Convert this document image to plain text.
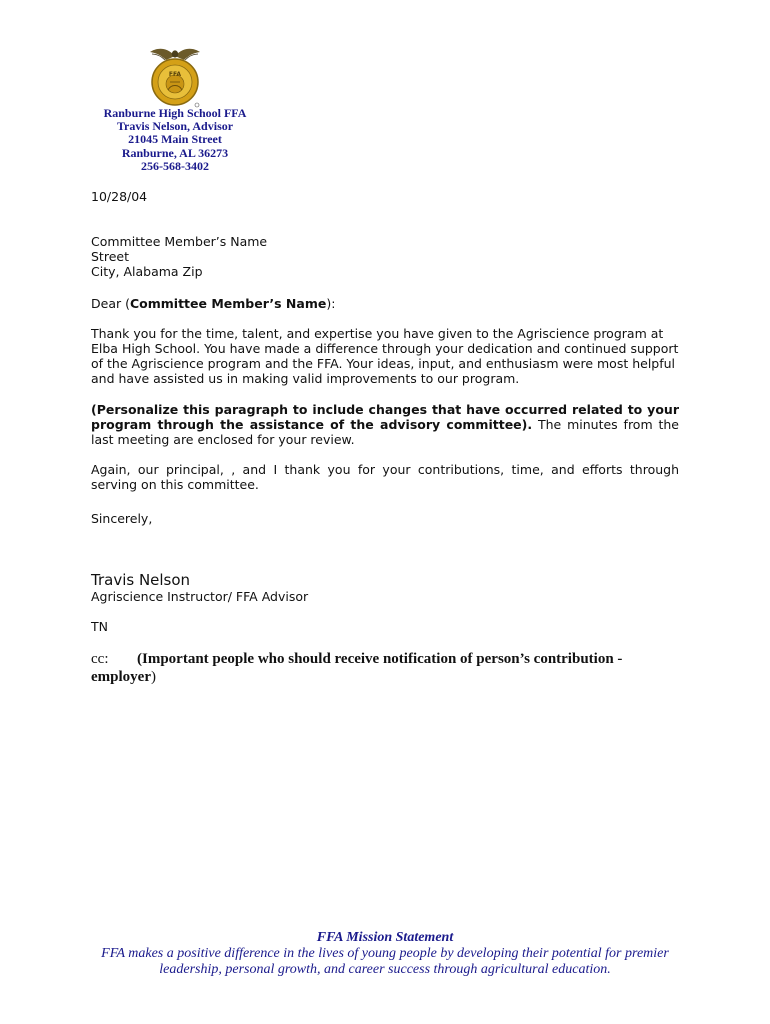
FFA
Ranburne High School FFA
Travis Nelson, Advisor
21045 Main Street
Ranburne, AL 36273
256-568-3402
10/28/04
Committee Member’s Name
Street
City, Alabama Zip
Dear (Committee Member’s Name):
Thank you for the time, talent, and expertise you have given to the Agriscience program at Elba High School. You have made a difference through your dedication and continued support of the Agriscience program and the FFA. Your ideas, input, and enthusiasm were most helpful and have assisted us in making valid improvements to our program.
(Personalize this paragraph to include changes that have occurred related to your program through the assistance of the advisory committee). The minutes from the last meeting are enclosed for your review.
Again, our principal, , and I thank you for your contributions, time, and efforts through serving on this committee.
Sincerely,
Travis Nelson
Agriscience Instructor/ FFA Advisor
TN
cc: (Important people who should receive notification of person’s contribution - employer)
FFA Mission Statement
FFA makes a positive difference in the lives of young people by developing their potential for premier
leadership, personal growth, and career success through agricultural education.
